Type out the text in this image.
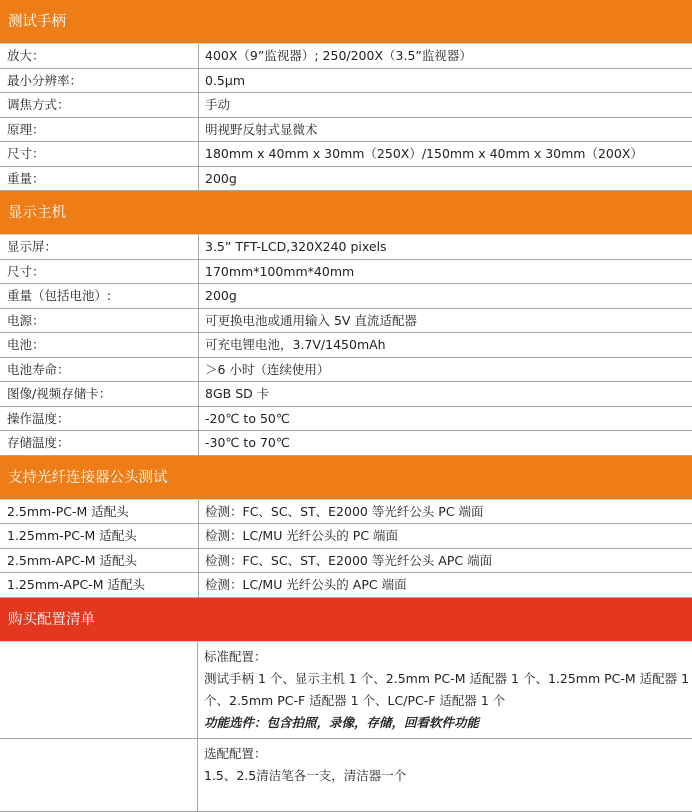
测试手柄
放大：	400X（9”监视器）; 250/200X（3.5”监视器）
最小分辨率：	0.5μm
调焦方式：	手动
原理：	明视野反射式显微术
尺寸：	180mm x 40mm x 30mm（250X）/150mm x 40mm x 30mm（200X）
重量：	200g
显示主机
显示屏：	3.5” TFT-LCD,320X240 pixels
尺寸：	170mm*100mm*40mm
重量（包括电池）:	200g
电源：	可更换电池或通用输入 5V 直流适配器
电池：	可充电锂电池，3.7V/1450mAh
电池寿命：	＞6 小时（连续使用）
图像/视频存储卡：	8GB SD 卡
操作温度：	-20℃ to 50℃
存储温度：	-30℃ to 70℃
支持光纤连接器公头测试
2.5mm-PC-M 适配头	检测：FC、SC、ST、E2000 等光纤公头 PC 端面
1.25mm-PC-M 适配头	检测：LC/MU 光纤公头的 PC 端面
2.5mm-APC-M 适配头	检测：FC、SC、ST、E2000 等光纤公头 APC 端面
1.25mm-APC-M 适配头	检测：LC/MU 光纤公头的 APC 端面
购买配置清单

	标准配置：
测试手柄 1 个、显示主机 1 个、2.5mm PC-M 适配器 1 个、1.25mm PC-M 适配器 1
个、2.5mm PC-F 适配器 1 个、LC/PC-F 适配器 1 个
功能选件：包含拍照，录像，存储，回看软件功能

	选配配置：
1.5、2.5清洁笔各一支，清洁器一个
